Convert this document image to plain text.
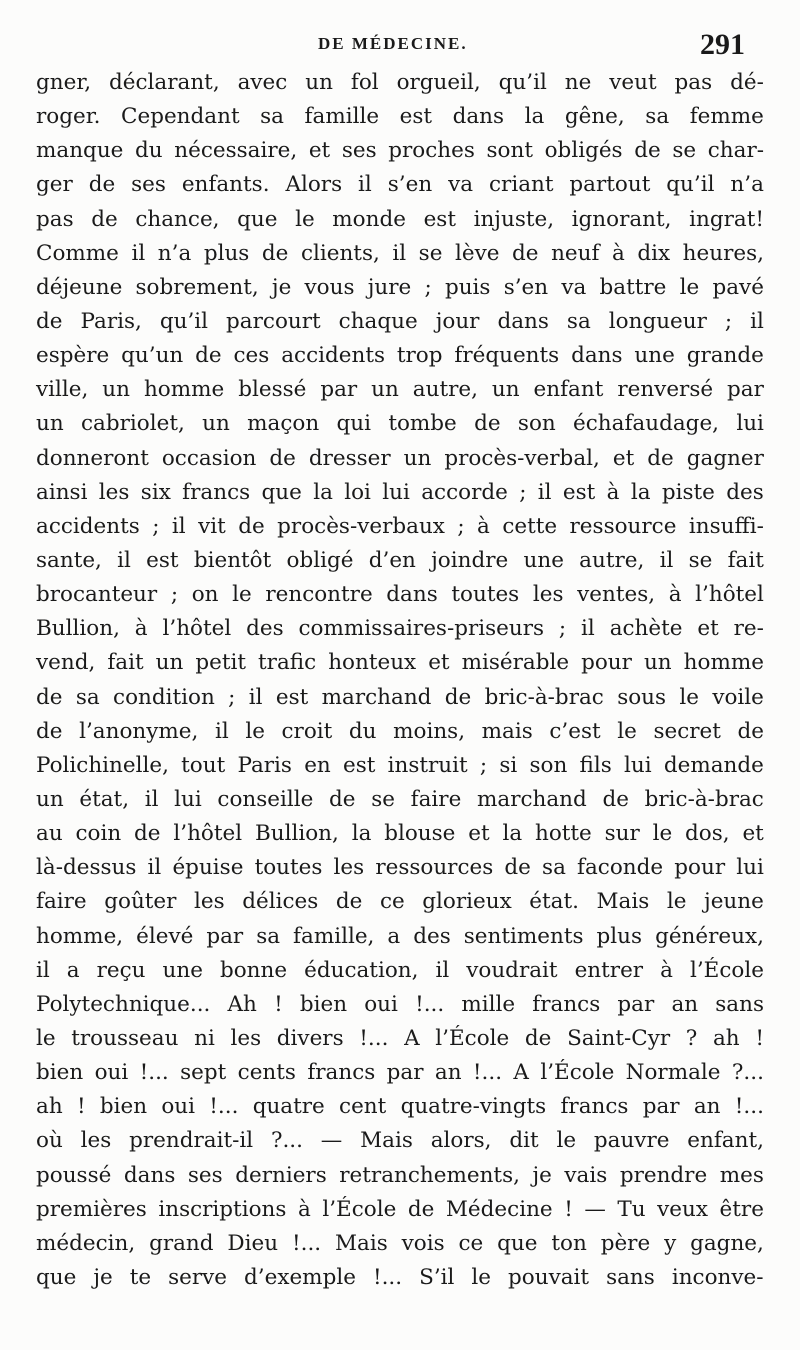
DE MÉDECINE.	291
gner, déclarant, avec un fol orgueil, qu’il ne veut pas dé-
roger. Cependant sa famille est dans la gêne, sa femme
manque du nécessaire, et ses proches sont obligés de se char-
ger de ses enfants. Alors il s’en va criant partout qu’il n’a
pas de chance, que le monde est injuste, ignorant, ingrat!
Comme il n’a plus de clients, il se lève de neuf à dix heures,
déjeune sobrement, je vous jure ; puis s’en va battre le pavé
de Paris, qu’il parcourt chaque jour dans sa longueur ; il
espère qu’un de ces accidents trop fréquents dans une grande
ville, un homme blessé par un autre, un enfant renversé par
un cabriolet, un maçon qui tombe de son échafaudage, lui
donneront occasion de dresser un procès-verbal, et de gagner
ainsi les six francs que la loi lui accorde ; il est à la piste des
accidents ; il vit de procès-verbaux ; à cette ressource insuffi-
sante, il est bientôt obligé d’en joindre une autre, il se fait
brocanteur ; on le rencontre dans toutes les ventes, à l’hôtel
Bullion, à l’hôtel des commissaires-priseurs ; il achète et re-
vend, fait un petit trafic honteux et misérable pour un homme
de sa condition ; il est marchand de bric-à-brac sous le voile
de l’anonyme, il le croit du moins, mais c’est le secret de
Polichinelle, tout Paris en est instruit ; si son fils lui demande
un état, il lui conseille de se faire marchand de bric-à-brac
au coin de l’hôtel Bullion, la blouse et la hotte sur le dos, et
là-dessus il épuise toutes les ressources de sa faconde pour lui
faire goûter les délices de ce glorieux état. Mais le jeune
homme, élevé par sa famille, a des sentiments plus généreux,
il a reçu une bonne éducation, il voudrait entrer à l’École
Polytechnique... Ah ! bien oui !... mille francs par an sans
le trousseau ni les divers !... A l’École de Saint-Cyr ? ah !
bien oui !... sept cents francs par an !... A l’École Normale ?...
ah ! bien oui !... quatre cent quatre-vingts francs par an !...
où les prendrait-il ?... — Mais alors, dit le pauvre enfant,
poussé dans ses derniers retranchements, je vais prendre mes
premières inscriptions à l’École de Médecine ! — Tu veux être
médecin, grand Dieu !... Mais vois ce que ton père y gagne,
que je te serve d’exemple !... S’il le pouvait sans inconve-
